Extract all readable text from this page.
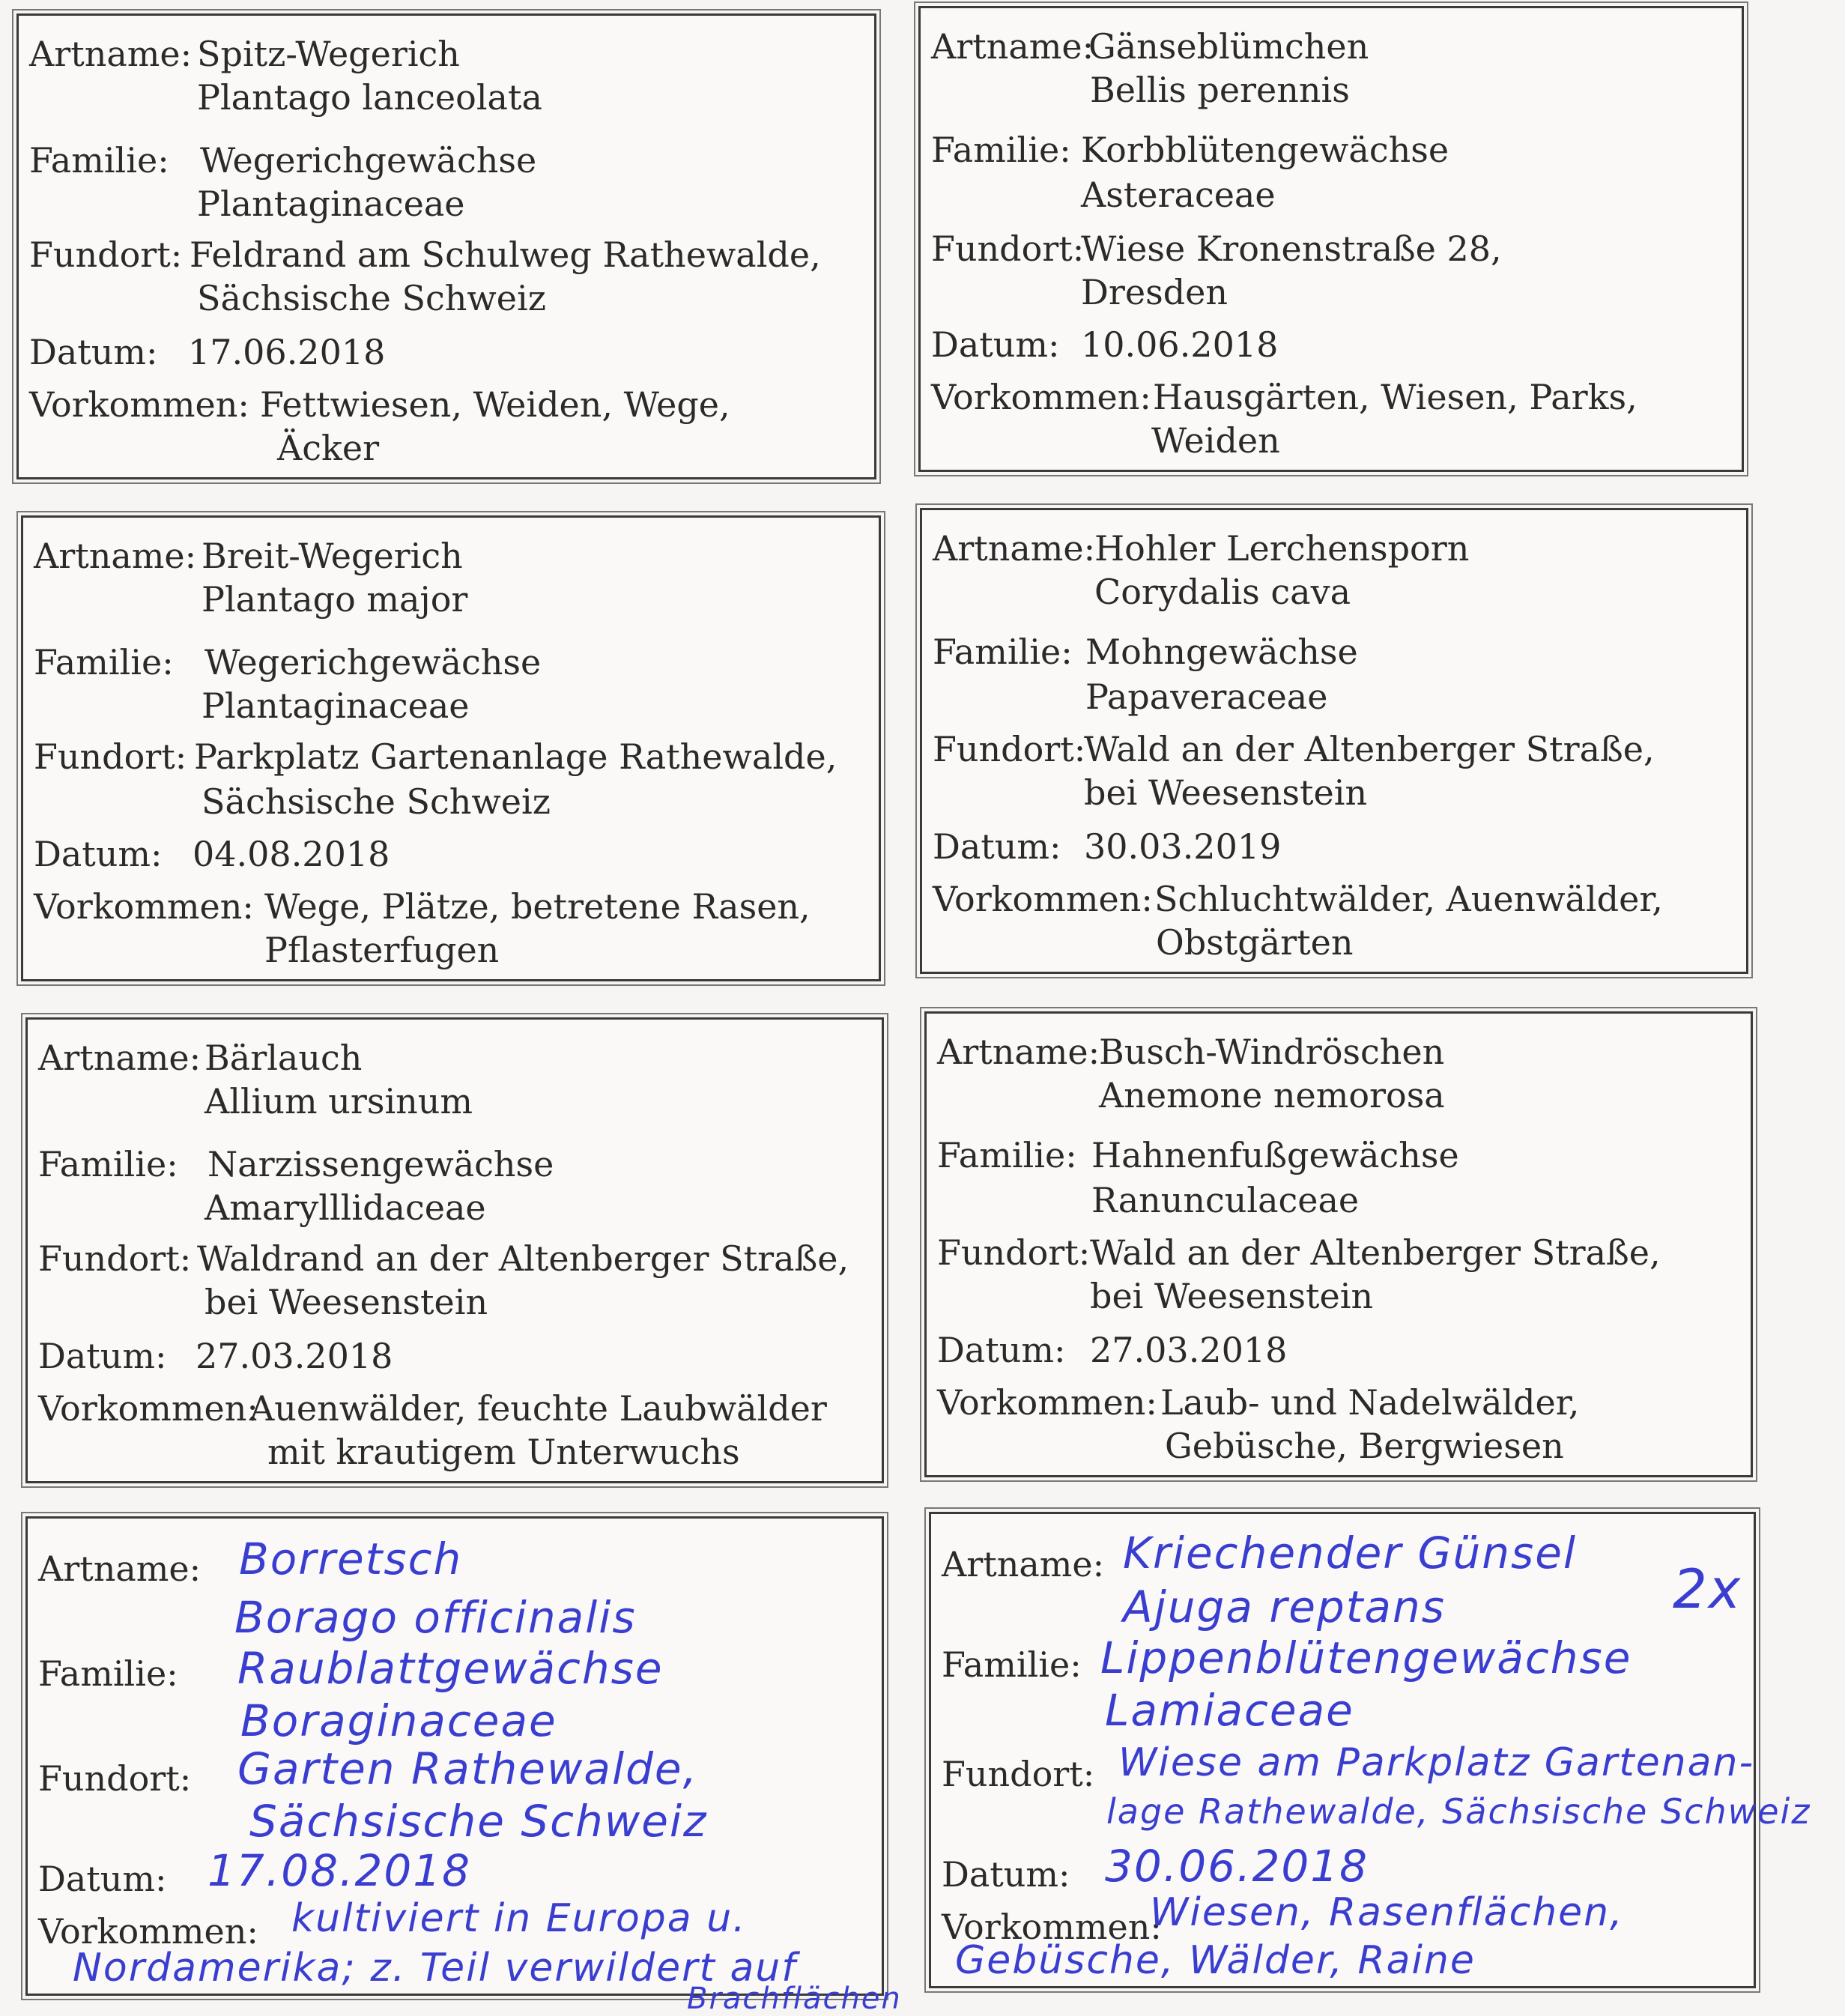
Artname: Spitz-Wegerich
Plantago lanceolata
Familie: Wegerichgewächse
Plantaginaceae
Fundort: Feldrand am Schulweg Rathewalde,
Sächsische Schweiz
Datum: 17.06.2018
Vorkommen: Fettwiesen, Weiden, Wege,
Äcker
Artname:
Gänseblümchen
Bellis perennis
Familie: Korbblütengewächse
Asteraceae
Fundort:
Wiese Kronenstraße 28,
Dresden
Datum: 10.06.2018
Vorkommen: Hausgärten, Wiesen, Parks,
Weiden
Artname: Breit-Wegerich
Plantago major
Familie: Wegerichgewächse
Plantaginaceae
Fundort: Parkplatz Gartenanlage Rathewalde,
Sächsische Schweiz
Datum: 04.08.2018
Vorkommen: Wege, Plätze, betretene Rasen,
Pflasterfugen
Artname:
Hohler Lerchensporn
Corydalis cava
Familie: Mohngewächse
Papaveraceae
Fundort:
Wald an der Altenberger Straße,
bei Weesenstein
Datum: 30.03.2019
Vorkommen: Schluchtwälder, Auenwälder,
Obstgärten
Artname: Bärlauch
Allium ursinum
Familie: Narzissengewächse
Amarylllidaceae
Fundort: Waldrand an der Altenberger Straße,
bei Weesenstein
Datum: 27.03.2018
Vorkommen:
Auenwälder, feuchte Laubwälder
mit krautigem Unterwuchs
Artname:
Busch-Windröschen
Anemone nemorosa
Familie: Hahnenfußgewächse
Ranunculaceae
Fundort: Wald an der Altenberger Straße,
bei Weesenstein
Datum: 27.03.2018
Vorkommen: Laub- und Nadelwälder,
Gebüsche, Bergwiesen
Artname: Borretsch
Borago officinalis
Familie: Raublattgewächse
Boraginaceae
Fundort: Garten Rathewalde,
Sächsische Schweiz
Datum: 17.08.2018
Vorkommen: kultiviert in Europa u.
Nordamerika; z. Teil verwildert auf
Brachflächen
Artname: Kriechender Günsel
Ajuga reptans	2x
Familie: Lippenblütengewächse
Lamiaceae
Fundort: Wiese am Parkplatz Gartenan-
lage Rathewalde, Sächsische Schweiz
Datum: 30.06.2018
Vorkommen:
Wiesen, Rasenflächen,
Gebüsche, Wälder, Raine
